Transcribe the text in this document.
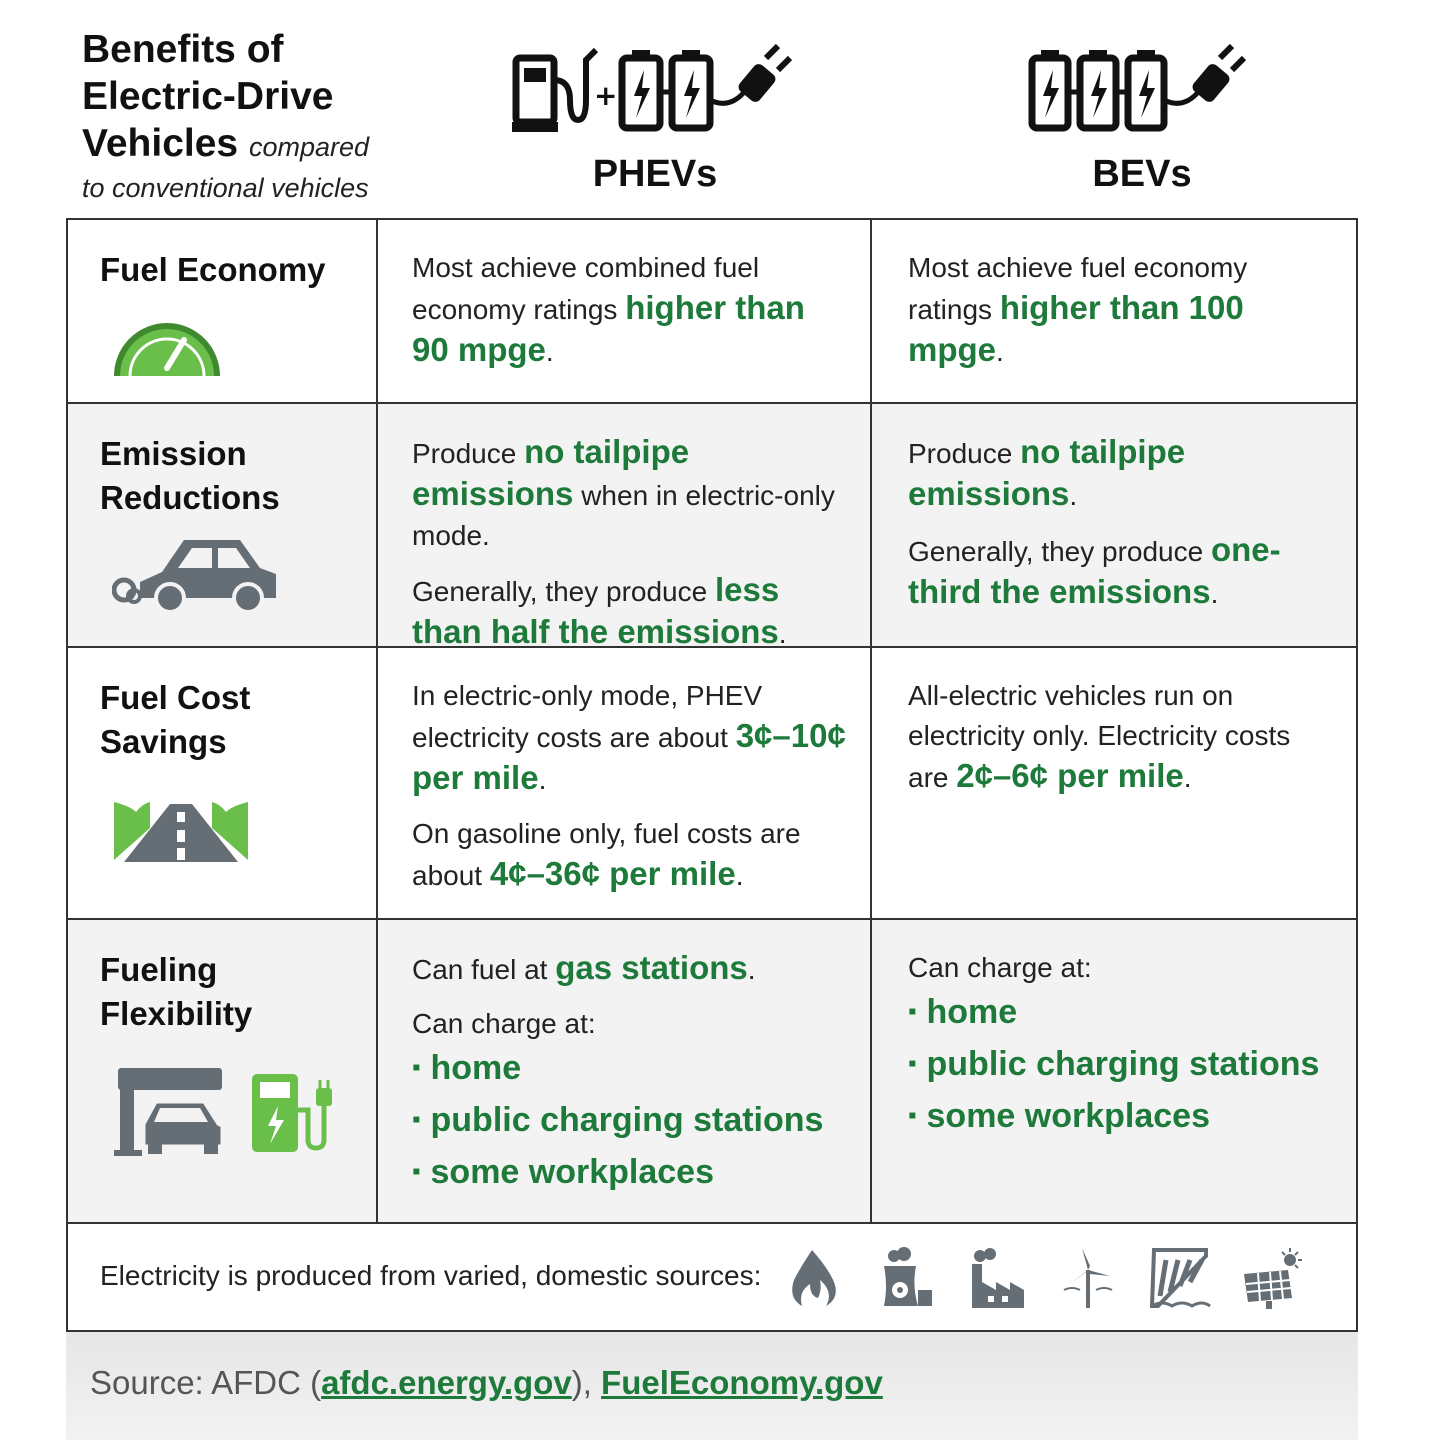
Benefits of
Electric-Drive
Vehicles compared
to conventional vehicles
+
PHEVs	BEVs
Fuel Economy	Most achieve combined fuel economy ratings higher than 90 mpge.

Most achieve fuel economy ratings higher than 100 mpge.

Emission Reductions

Produce no tailpipe emissions when in electric-only mode.

Generally, they produce less than half the emissions.

Produce no tailpipe emissions.

Generally, they produce one-third the emissions.

Fuel Cost Savings

In electric-only mode, PHEV electricity costs are about 3¢–10¢ per mile.

On gasoline only, fuel costs are about 4¢–36¢ per mile.

All-electric vehicles run on electricity only. Electricity costs are 2¢–6¢ per mile.

Fueling Flexibility

Can fuel at gas stations.

Can charge at:

▪ home
▪ public charging stations
▪ some workplaces

Can charge at:

▪ home
▪ public charging stations
▪ some workplaces

Electricity is produced from varied, domestic sources:

Source: AFDC (afdc.energy.gov), FuelEconomy.gov
